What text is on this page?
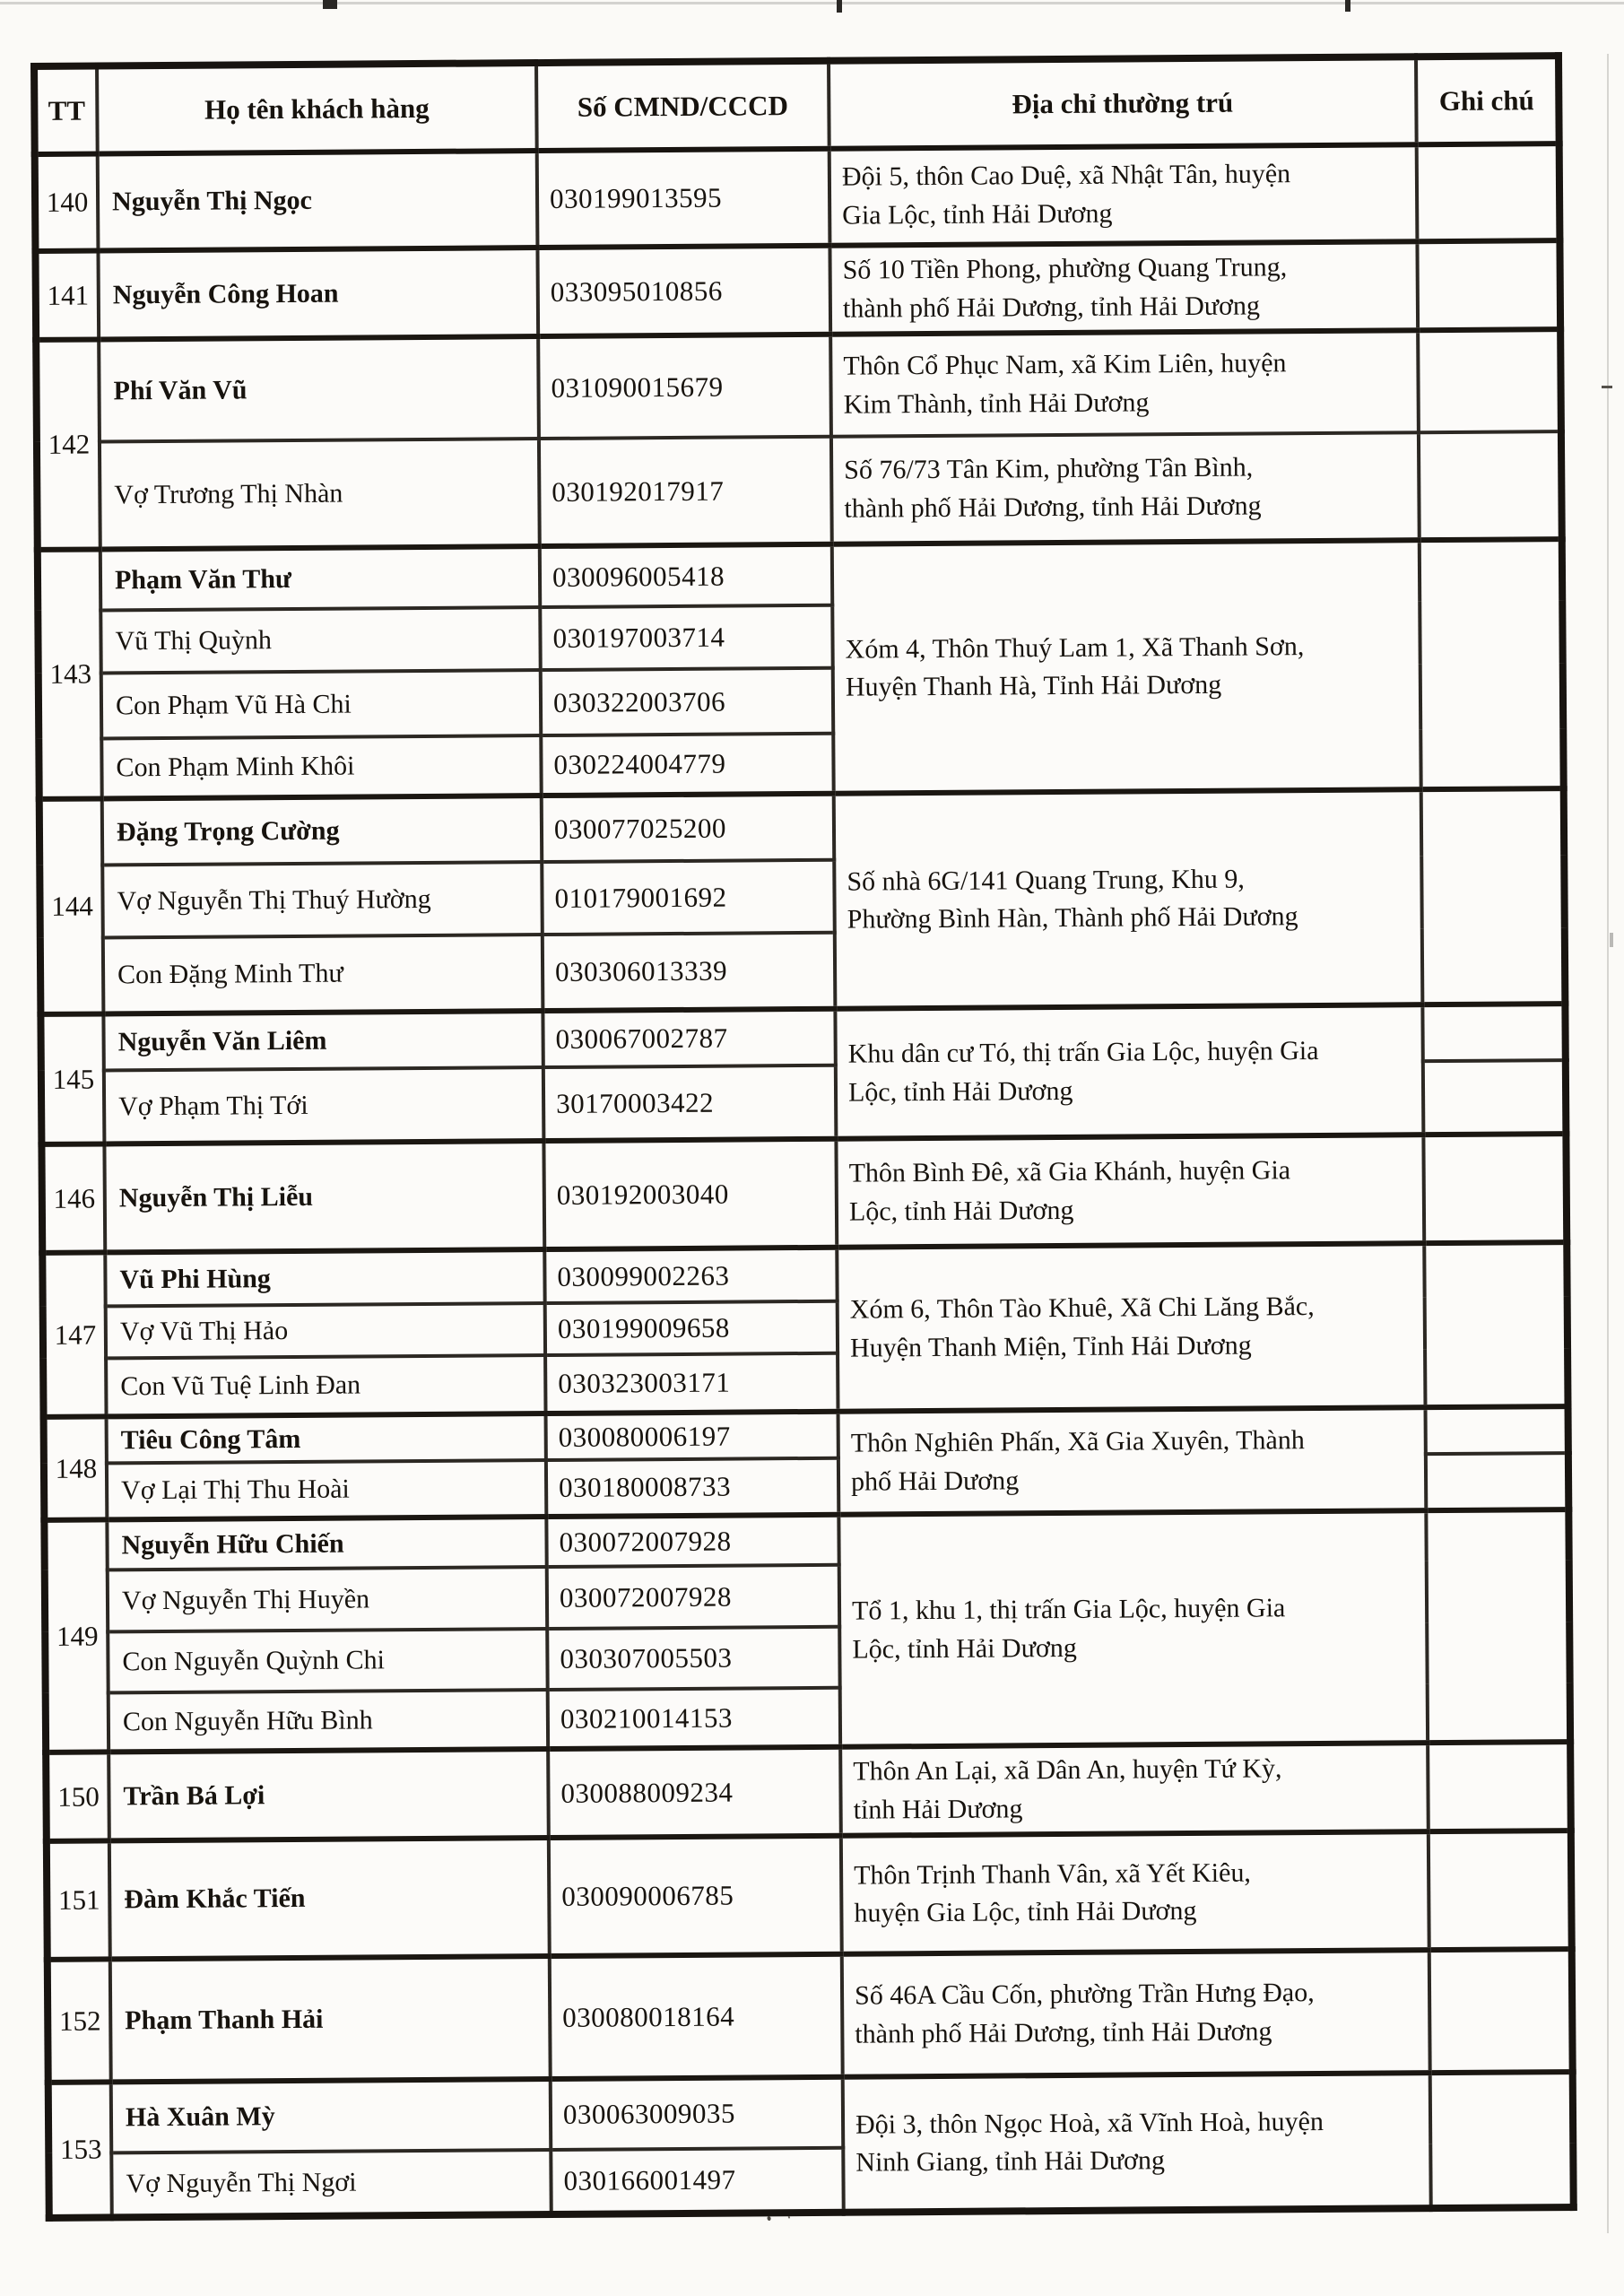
TT	Họ tên khách hàng	Số CMND/CCCD	Địa chỉ thường trú	Ghi chú
140	Nguyễn Thị Ngọc	030199013595	Đội 5, thôn Cao Duệ, xã Nhật Tân, huyện
Gia Lộc, tỉnh Hải Dương	
141	Nguyễn Công Hoan	033095010856	Số 10 Tiền Phong, phường Quang Trung,
thành phố Hải Dương, tỉnh Hải Dương	
142	Phí Văn Vũ	031090015679	Thôn Cổ Phục Nam, xã Kim Liên, huyện
Kim Thành, tỉnh Hải Dương	
	Vợ Trương Thị Nhàn	030192017917	Số 76/73 Tân Kim, phường Tân Bình,
thành phố Hải Dương, tỉnh Hải Dương	
143	Phạm Văn Thư	030096005418	Xóm 4, Thôn Thuý Lam 1, Xã Thanh Sơn,
Huyện Thanh Hà, Tỉnh Hải Dương	
	Vũ Thị Quỳnh	030197003714		
	Con Phạm Vũ Hà Chi	030322003706		
	Con Phạm Minh Khôi	030224004779		
144	Đặng Trọng Cường	030077025200	Số nhà 6G/141 Quang Trung, Khu 9,
Phường Bình Hàn, Thành phố Hải Dương	
	Vợ Nguyễn Thị Thuý Hường	010179001692		
	Con Đặng Minh Thư	030306013339		
145	Nguyễn Văn Liêm	030067002787	Khu dân cư Tó, thị trấn Gia Lộc, huyện Gia
Lộc, tỉnh Hải Dương	
	Vợ Phạm Thị Tới	30170003422		
146	Nguyễn Thị Liễu	030192003040	Thôn Bình Đê, xã Gia Khánh, huyện Gia
Lộc, tỉnh Hải Dương	
147	Vũ Phi Hùng	030099002263	Xóm 6, Thôn Tào Khuê, Xã Chi Lăng Bắc,
Huyện Thanh Miện, Tỉnh Hải Dương	
	Vợ Vũ Thị Hảo	030199009658		
	Con Vũ Tuệ Linh Đan	030323003171		
148	Tiêu Công Tâm	030080006197	Thôn Nghiên Phấn, Xã Gia Xuyên, Thành
phố Hải Dương	
	Vợ Lại Thị Thu Hoài	030180008733		
149	Nguyễn Hữu Chiến	030072007928	Tổ 1, khu 1, thị trấn Gia Lộc, huyện Gia
Lộc, tỉnh Hải Dương	
	Vợ Nguyễn Thị Huyền	030072007928		
	Con Nguyễn Quỳnh Chi	030307005503		
	Con Nguyễn Hữu Bình	030210014153		
150	Trần Bá Lợi	030088009234	Thôn An Lại, xã Dân An, huyện Tứ Kỳ,
tỉnh Hải Dương	
151	Đàm Khắc Tiến	030090006785	Thôn Trịnh Thanh Vân, xã Yết Kiêu,
huyện Gia Lộc, tỉnh Hải Dương	
152	Phạm Thanh Hải	030080018164	Số 46A Cầu Cốn, phường Trần Hưng Đạo,
thành phố Hải Dương, tỉnh Hải Dương	
153	Hà Xuân Mỳ	030063009035	Đội 3, thôn Ngọc Hoà, xã Vĩnh Hoà, huyện
Ninh Giang, tỉnh Hải Dương	
	Vợ Nguyễn Thị Ngơi	030166001497		
